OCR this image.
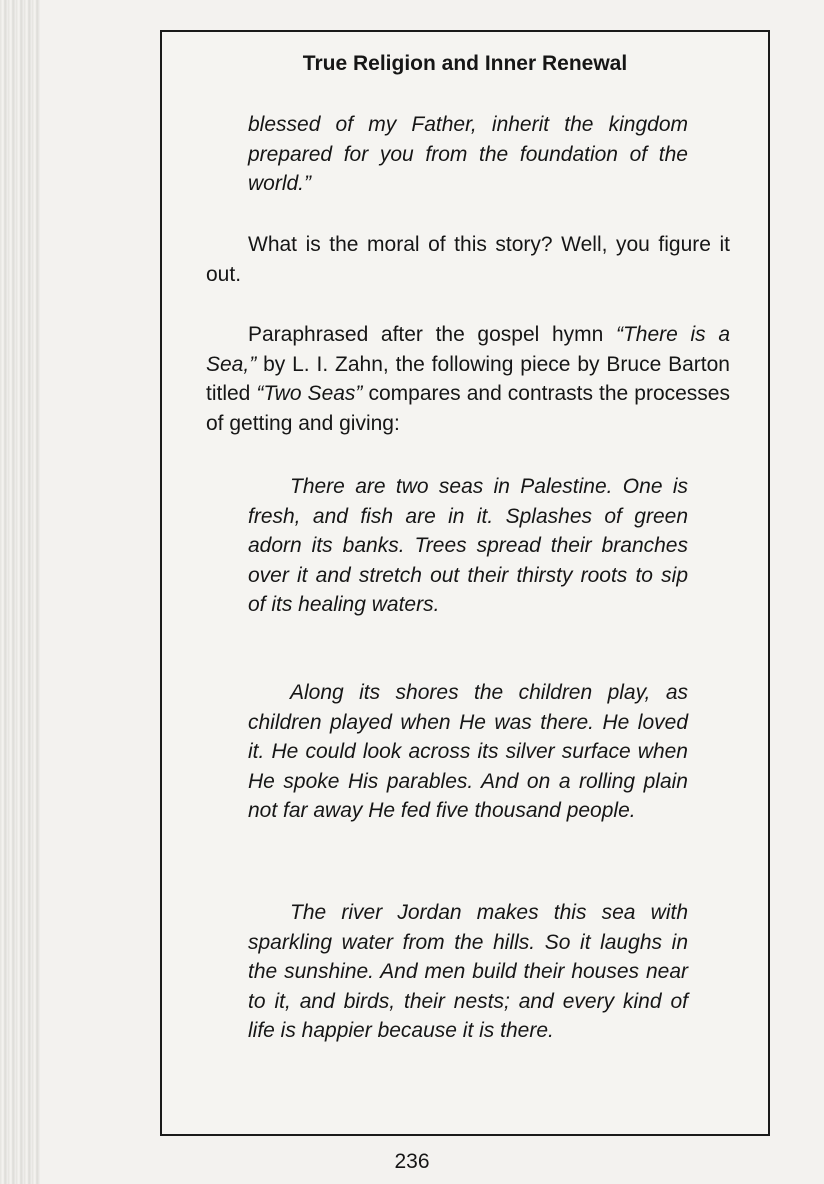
True Religion and Inner Renewal

blessed of my Father, inherit the kingdom prepared for you from the foundation of the world.”

What is the moral of this story? Well, you figure it out.

Paraphrased after the gospel hymn “There is a Sea,” by L. I. Zahn, the following piece by Bruce Barton titled “Two Seas” compares and contrasts the processes of getting and giving:

There are two seas in Palestine. One is fresh, and fish are in it. Splashes of green adorn its banks. Trees spread their branches over it and stretch out their thirsty roots to sip of its healing waters.

Along its shores the children play, as children played when He was there. He loved it. He could look across its silver surface when He spoke His parables. And on a rolling plain not far away He fed five thousand people.

The river Jordan makes this sea with sparkling water from the hills. So it laughs in the sunshine. And men build their houses near to it, and birds, their nests; and every kind of life is happier because it is there.

236
